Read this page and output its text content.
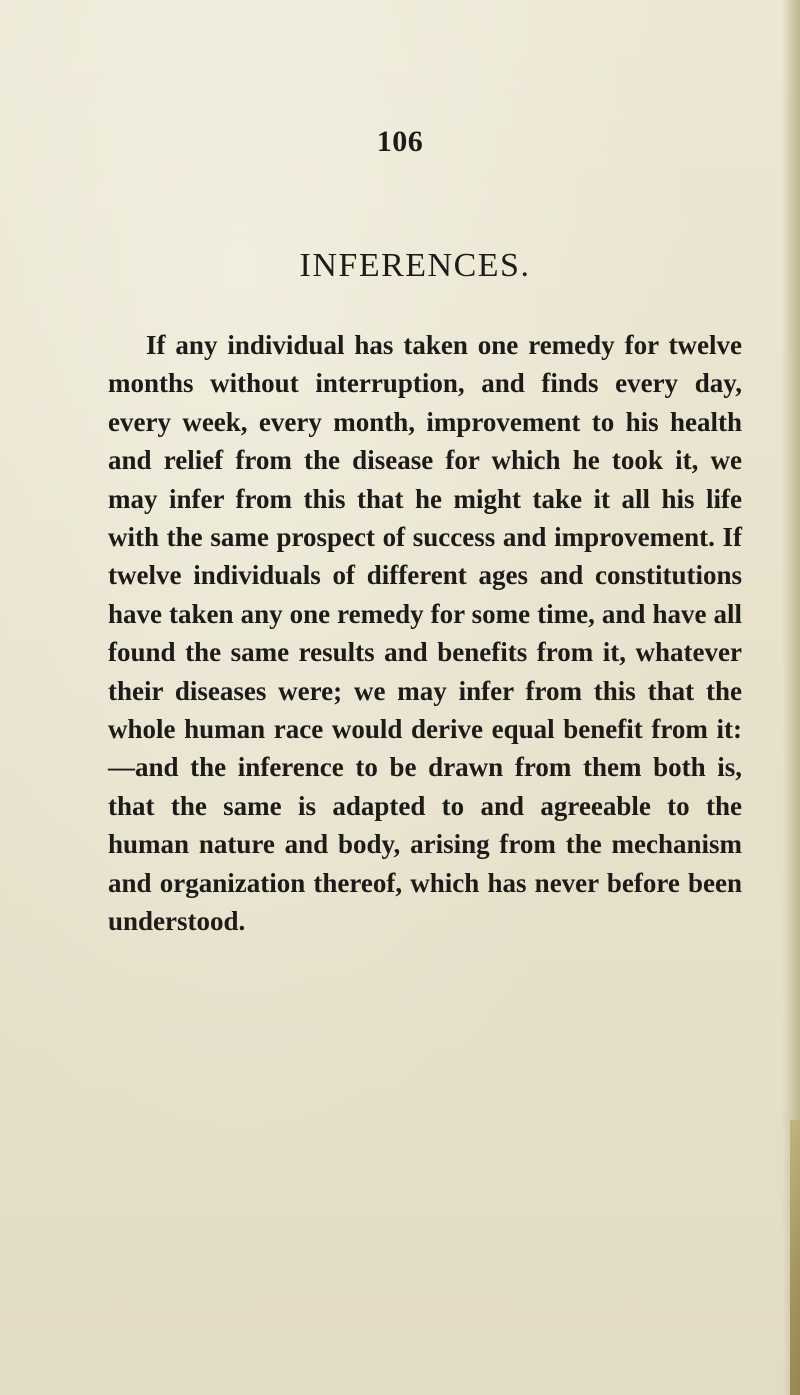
106
INFERENCES.
If any individual has taken one remedy for twelve months without interruption, and finds every day, every week, every month, improvement to his health and relief from the disease for which he took it, we may infer from this that he might take it all his life with the same prospect of success and improvement. If twelve individuals of different ages and constitutions have taken any one remedy for some time, and have all found the same results and benefits from it, whatever their diseases were; we may infer from this that the whole human race would derive equal benefit from it:—and the inference to be drawn from them both is, that the same is adapted to and agreeable to the human nature and body, arising from the mechanism and organization thereof, which has never before been understood.
